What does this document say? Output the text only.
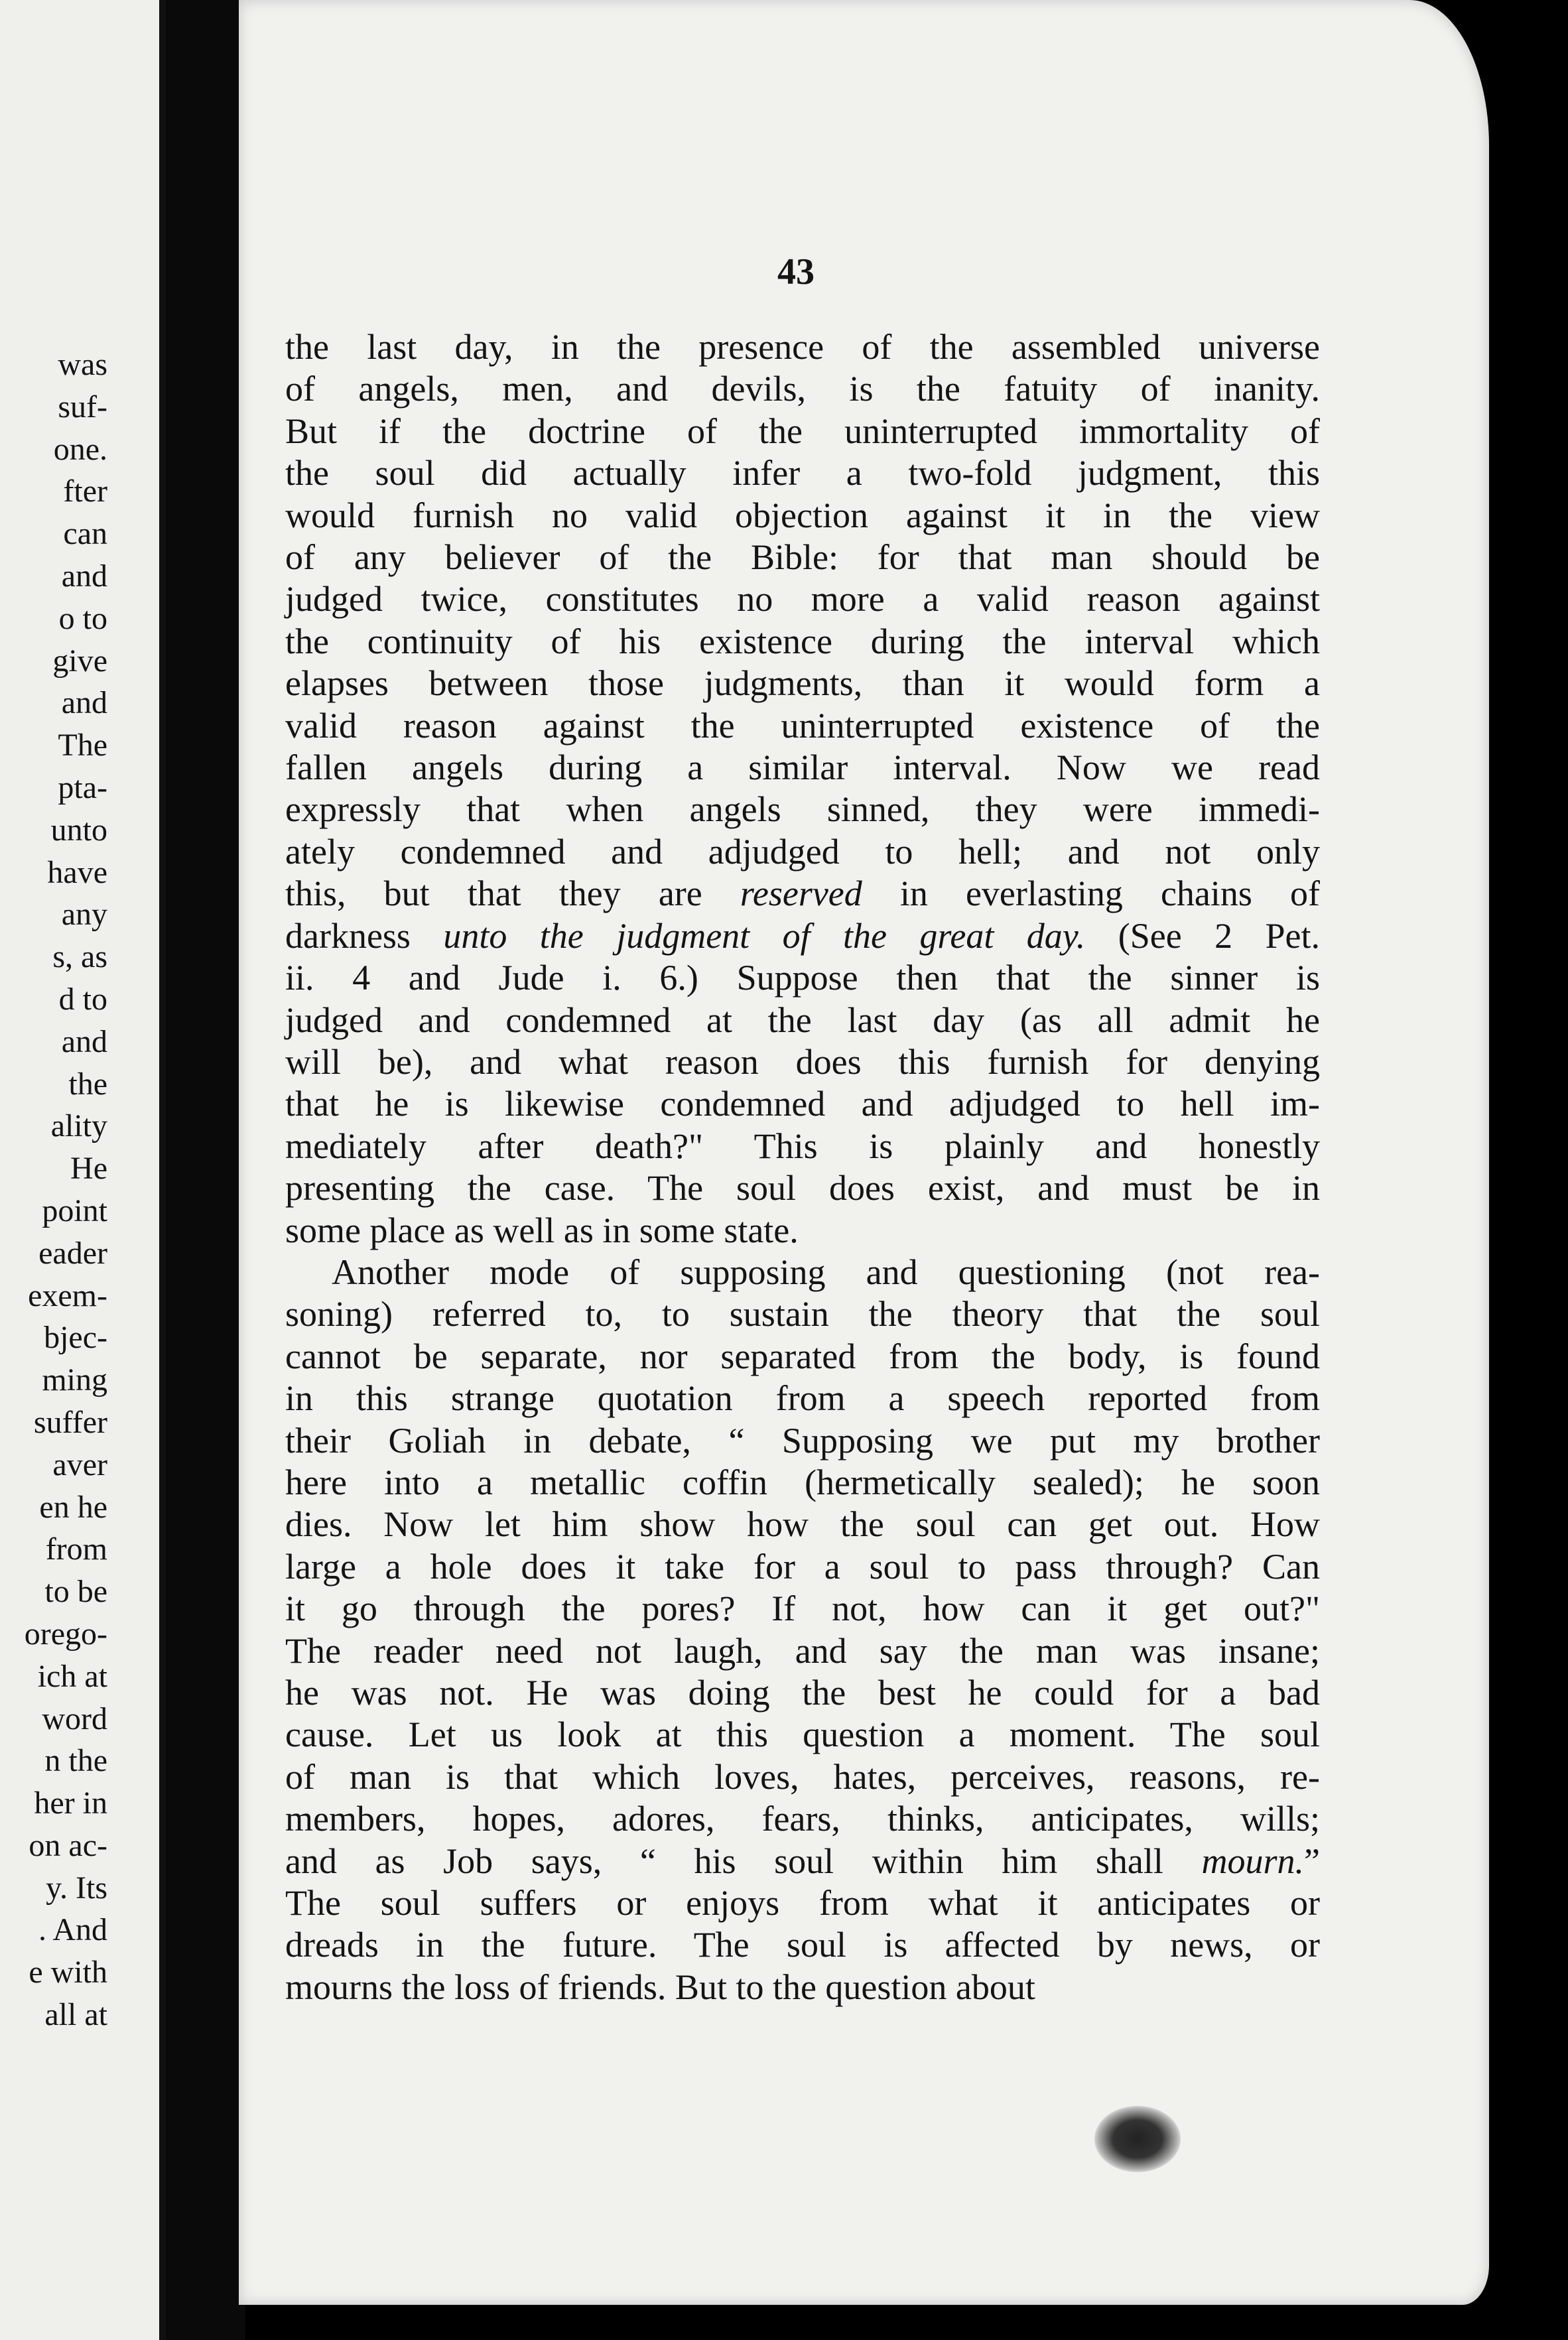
was
suf-
one.
fter
can
and
o to
give
and
The
pta-
unto
have
any
s, as
d to
and
the
ality
He
point
eader
exem-
bjec-
ming
suffer
aver
en he
from
to be
orego-
ich at
word
n the
her in
on ac-
y. Its
. And
e with
all at
43
the last day, in the presence of the assembled universe
of angels, men, and devils, is the fatuity of inanity.
But if the doctrine of the uninterrupted immortality of
the soul did actually infer a two-fold judgment, this
would furnish no valid objection against it in the view
of any believer of the Bible: for that man should be
judged twice, constitutes no more a valid reason against
the continuity of his existence during the interval which
elapses between those judgments, than it would form a
valid reason against the uninterrupted existence of the
fallen angels during a similar interval. Now we read
expressly that when angels sinned, they were immedi-
ately condemned and adjudged to hell; and not only
this, but that they are reserved in everlasting chains of
darkness unto the judgment of the great day. (See 2 Pet.
ii. 4 and Jude i. 6.) Suppose then that the sinner is
judged and condemned at the last day (as all admit he
will be), and what reason does this furnish for denying
that he is likewise condemned and adjudged to hell im-
mediately after death?" This is plainly and honestly
presenting the case. The soul does exist, and must be in
some place as well as in some state.
Another mode of supposing and questioning (not rea-
soning) referred to, to sustain the theory that the soul
cannot be separate, nor separated from the body, is found
in this strange quotation from a speech reported from
their Goliah in debate, “ Supposing we put my brother
here into a metallic coffin (hermetically sealed); he soon
dies. Now let him show how the soul can get out. How
large a hole does it take for a soul to pass through? Can
it go through the pores? If not, how can it get out?"
The reader need not laugh, and say the man was insane;
he was not. He was doing the best he could for a bad
cause. Let us look at this question a moment. The soul
of man is that which loves, hates, perceives, reasons, re-
members, hopes, adores, fears, thinks, anticipates, wills;
and as Job says, “ his soul within him shall mourn.”
The soul suffers or enjoys from what it anticipates or
dreads in the future. The soul is affected by news, or
mourns the loss of friends. But to the question about
